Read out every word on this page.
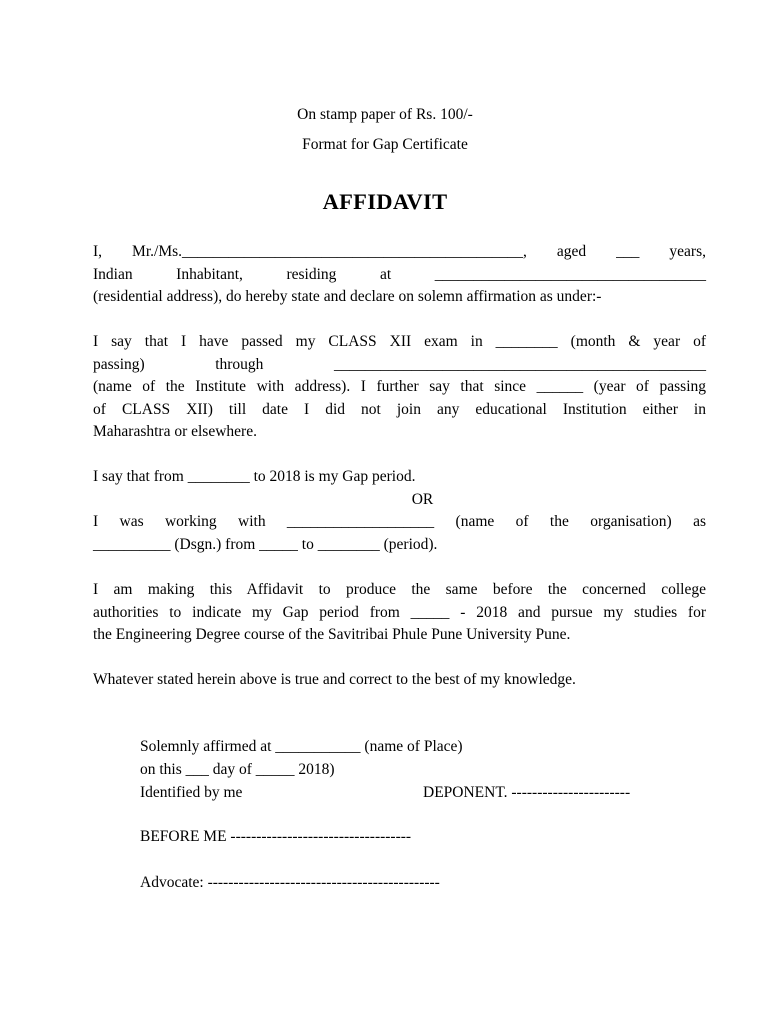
On stamp paper of Rs. 100/-
Format for Gap Certificate
AFFIDAVIT
I, Mr./Ms.____________________________________________, aged ___ years,
Indian Inhabitant, residing at ___________________________________
(residential address), do hereby state and declare on solemn affirmation as under:-
I say that I have passed my CLASS XII exam in ________ (month & year of
passing) through ________________________________________________
(name of the Institute with address). I further say that since ______ (year of passing
of CLASS XII) till date I did not join any educational Institution either in
Maharashtra or elsewhere.
I say that from ________ to 2018 is my Gap period.
OR
I was working with ___________________ (name of the organisation) as
__________ (Dsgn.) from _____ to ________ (period).
I am making this Affidavit to produce the same before the concerned college
authorities to indicate my Gap period from _____ - 2018 and pursue my studies for
the Engineering Degree course of the Savitribai Phule Pune University Pune.
Whatever stated herein above is true and correct to the best of my knowledge.
Solemnly affirmed at ___________ (name of Place)
on this ___ day of _____ 2018)
Identified by me	DEPONENT. -----------------------
BEFORE ME -----------------------------------
Advocate: ---------------------------------------------
